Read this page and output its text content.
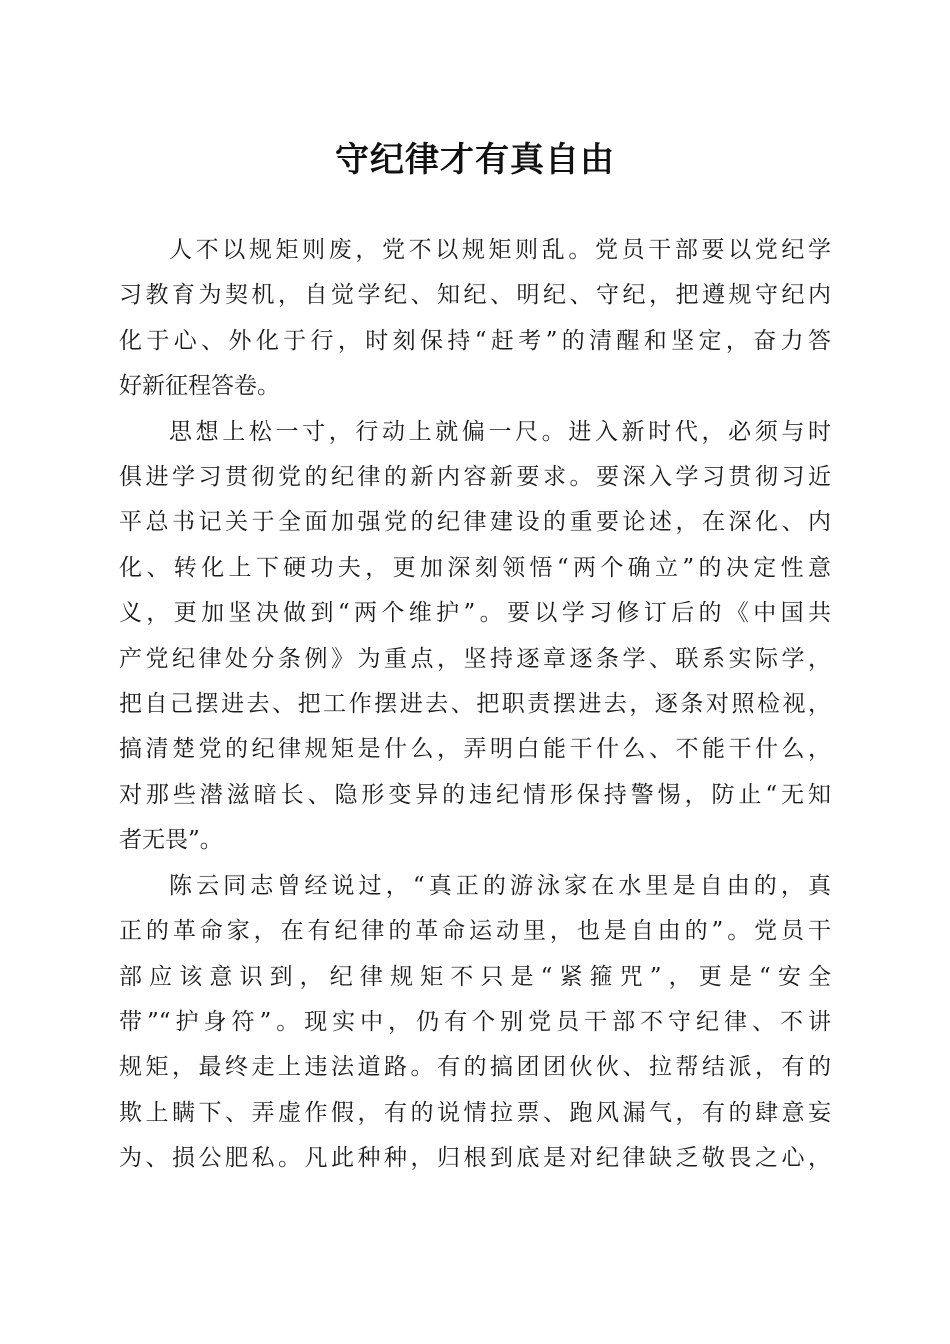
守纪律才有真自由
人不以规矩则废，党不以规矩则乱。党员干部要以党纪学
习教育为契机，自觉学纪、知纪、明纪、守纪，把遵规守纪内
化于心、外化于行，时刻保持“赶考”的清醒和坚定，奋力答
好新征程答卷。
思想上松一寸，行动上就偏一尺。进入新时代，必须与时
俱进学习贯彻党的纪律的新内容新要求。要深入学习贯彻习近
平总书记关于全面加强党的纪律建设的重要论述，在深化、内
化、转化上下硬功夫，更加深刻领悟“两个确立”的决定性意
义，更加坚决做到“两个维护”。要以学习修订后的《中国共
产党纪律处分条例》为重点，坚持逐章逐条学、联系实际学，
把自己摆进去、把工作摆进去、把职责摆进去，逐条对照检视，
搞清楚党的纪律规矩是什么，弄明白能干什么、不能干什么，
对那些潜滋暗长、隐形变异的违纪情形保持警惕，防止“无知
者无畏”。
陈云同志曾经说过，“真正的游泳家在水里是自由的，真
正的革命家，在有纪律的革命运动里，也是自由的”。党员干
部应该意识到，纪律规矩不只是“紧箍咒”，更是“安全
带”“护身符”。现实中，仍有个别党员干部不守纪律、不讲
规矩，最终走上违法道路。有的搞团团伙伙、拉帮结派，有的
欺上瞒下、弄虚作假，有的说情拉票、跑风漏气，有的肆意妄
为、损公肥私。凡此种种，归根到底是对纪律缺乏敬畏之心，
